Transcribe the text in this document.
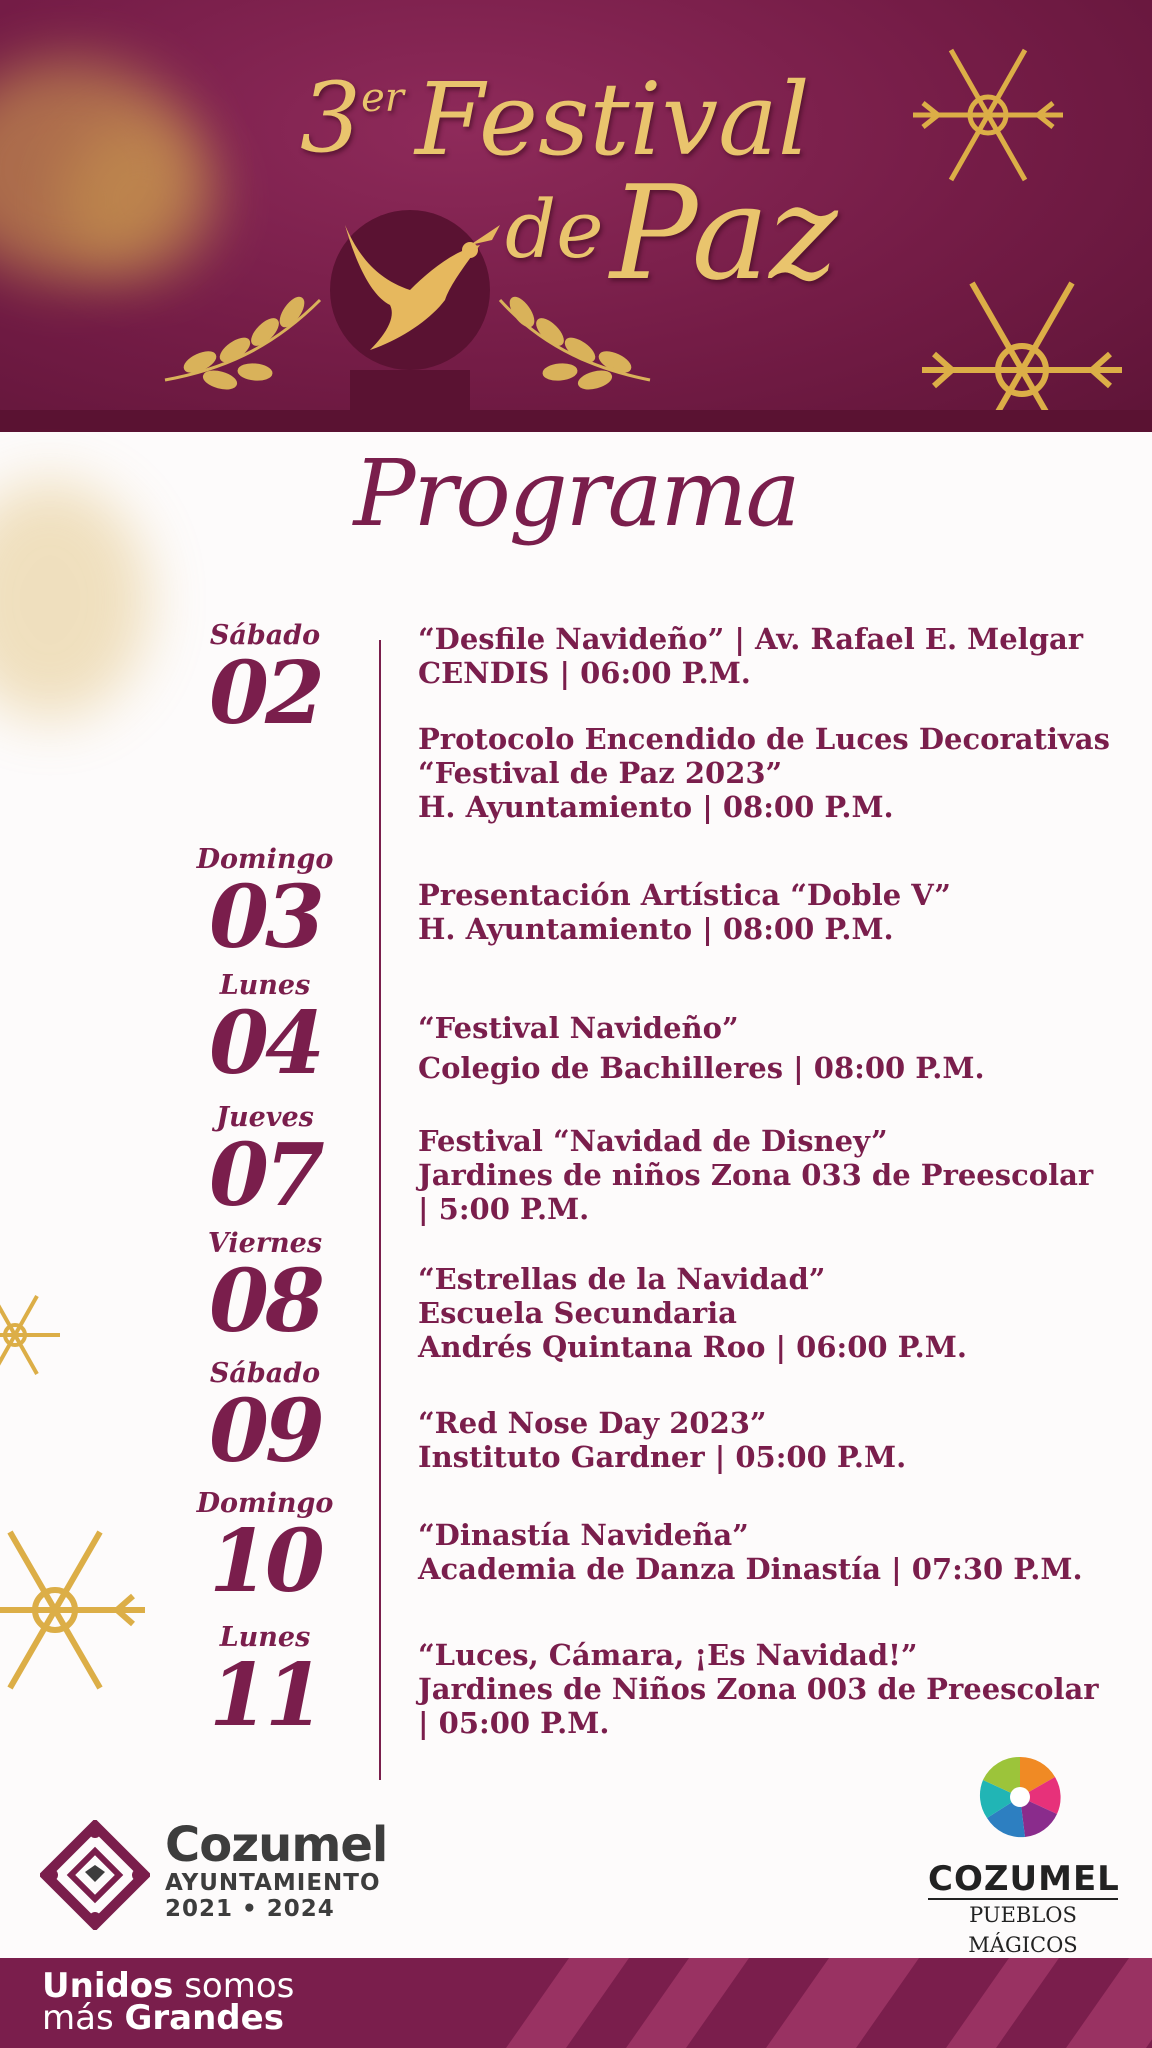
3er Festival
de Paz
Programa
Sábado
02
Domingo
03
Lunes
04
Jueves
07
Viernes
08
Sábado
09
Domingo
10
Lunes
11
“Desfile Navideño” | Av. Rafael E. Melgar
CENDIS | 06:00 P.M.
Protocolo Encendido de Luces Decorativas
“Festival de Paz 2023”
H. Ayuntamiento | 08:00 P.M.
Presentación Artística “Doble V”
H. Ayuntamiento | 08:00 P.M.
“Festival Navideño”
Colegio de Bachilleres | 08:00 P.M.
Festival “Navidad de Disney”
Jardines de niños Zona 033 de Preescolar
| 5:00 P.M.
“Estrellas de la Navidad”
Escuela Secundaria
Andrés Quintana Roo | 06:00 P.M.
“Red Nose Day 2023”
Instituto Gardner | 05:00 P.M.
“Dinastía Navideña”
Academia de Danza Dinastía | 07:30 P.M.
“Luces, Cámara, ¡Es Navidad!”
Jardines de Niños Zona 003 de Preescolar
| 05:00 P.M.
Cozumel
AYUNTAMIENTO
2021 • 2024
COZUMEL
PUEBLOS MÁGICOS
Unidos somos
más Grandes
